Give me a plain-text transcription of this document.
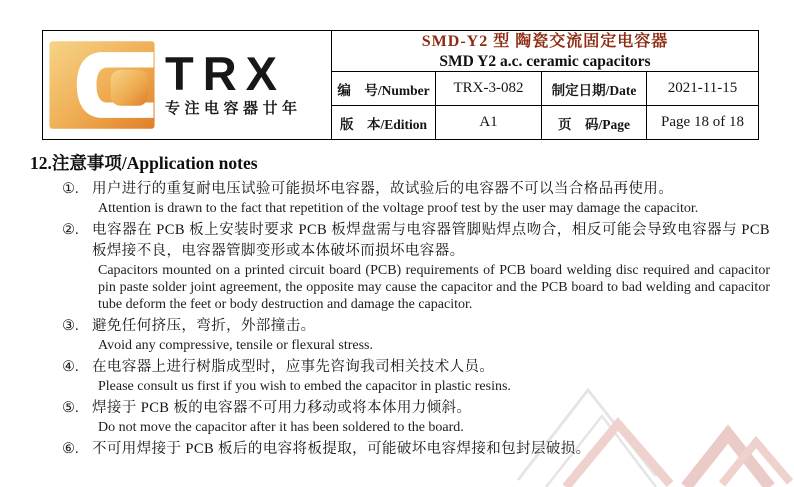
TRX
专注电容器廿年

SMD-Y2 型 陶瓷交流固定电容器
SMD Y2 a.c. ceramic capacitors

	编　号/Number	TRX-3-082	制定日期/Date	2021-11-15
	版　本/Edition	A1	页　码/Page	Page 18 of 18
12.注意事项/Application notes
①. 用户进行的重复耐电压试验可能损坏电容器，故试验后的电容器不可以当合格品再使用。
Attention is drawn to the fact that repetition of the voltage proof test by the user may damage the capacitor.
②. 电容器在 PCB 板上安装时要求 PCB 板焊盘需与电容器管脚贴焊点吻合，相反可能会导致电容器与 PCB 板焊接不良，电容器管脚变形或本体破坏而损坏电容器。
Capacitors mounted on a printed circuit board (PCB) requirements of PCB board welding disc required and capacitor pin paste solder joint agreement, the opposite may cause the capacitor and the PCB board to bad welding and capacitor tube deform the feet or body destruction and damage the capacitor.
③. 避免任何挤压，弯折，外部撞击。
Avoid any compressive, tensile or flexural stress.
④. 在电容器上进行树脂成型时，应事先咨询我司相关技术人员。
Please consult us first if you wish to embed the capacitor in plastic resins.
⑤. 焊接于 PCB 板的电容器不可用力移动或将本体用力倾斜。
Do not move the capacitor after it has been soldered to the board.
⑥. 不可用焊接于 PCB 板后的电容将板提取，可能破坏电容焊接和包封层破损。
